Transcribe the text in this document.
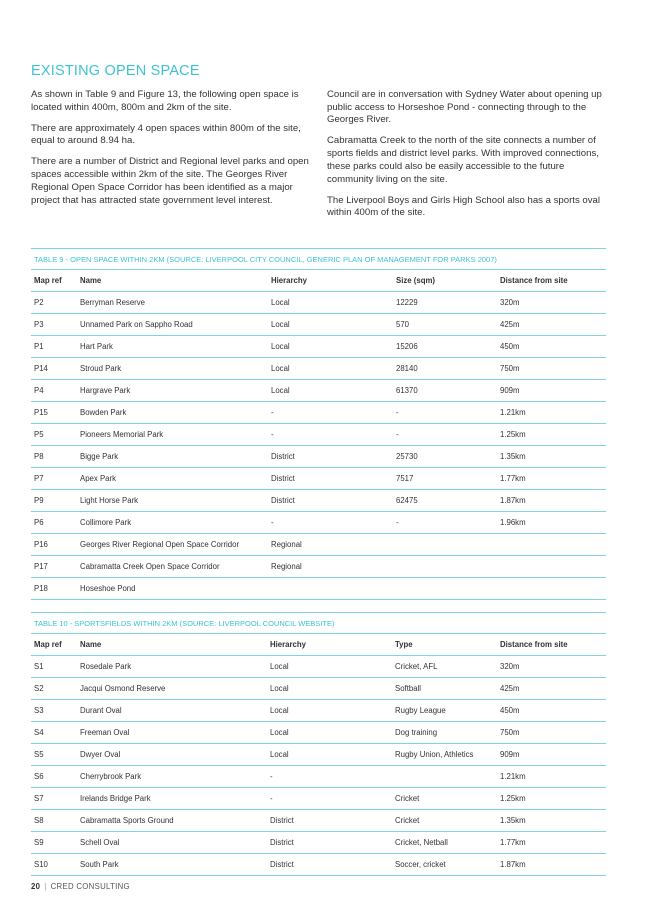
EXISTING OPEN SPACE

As shown in Table 9 and Figure 13, the following open space is located within 400m, 800m and 2km of the site.

There are approximately 4 open spaces within 800m of the site, equal to around 8.94 ha.

There are a number of District and Regional level parks and open spaces accessible within 2km of the site. The Georges River Regional Open Space Corridor has been identified as a major project that has attracted state government level interest.

Council are in conversation with Sydney Water about opening up public access to Horseshoe Pond - connecting through to the Georges River.

Cabramatta Creek to the north of the site connects a number of sports fields and district level parks. With improved connections, these parks could also be easily accessible to the future community living on the site.

The Liverpool Boys and Girls High School also has a sports oval within 400m of the site.

TABLE 9 - OPEN SPACE WITHIN 2KM (SOURCE: LIVERPOOL CITY COUNCIL, GENERIC PLAN OF MANAGEMENT FOR PARKS 2007)				
Map ref	Name	Hierarchy	Size (sqm)	Distance from site
P2	Berryman Reserve	Local	12229	320m
P3	Unnamed Park on Sappho Road	Local	570	425m
P1	Hart Park	Local	15206	450m
P14	Stroud Park	Local	28140	750m
P4	Hargrave Park	Local	61370	909m
P15	Bowden Park	-	-	1.21km
P5	Pioneers Memorial Park	-	-	1.25km
P8	Bigge Park	District	25730	1.35km
P7	Apex Park	District	7517	1.77km
P9	Light Horse Park	District	62475	1.87km
P6	Collimore Park	-	-	1.96km
P16	Georges River Regional Open Space Corridor	Regional		
P17	Cabramatta Creek Open Space Corridor	Regional		
P18	Hoseshoe Pond			
TABLE 10 - SPORTSFIELDS WITHIN 2KM (SOURCE: LIVERPOOL COUNCIL WEBSITE)				
Map ref	Name	Hierarchy	Type	Distance from site
S1	Rosedale Park	Local	Cricket, AFL	320m
S2	Jacqui Osmond Reserve	Local	Softball	425m
S3	Durant Oval	Local	Rugby League	450m
S4	Freeman Oval	Local	Dog training	750m
S5	Dwyer Oval	Local	Rugby Union, Athletics	909m
S6	Cherrybrook Park	-		1.21km
S7	Irelands Bridge Park	-	Cricket	1.25km
S8	Cabramatta Sports Ground	District	Cricket	1.35km
S9	Schell Oval	District	Cricket, Netball	1.77km
S10	South Park	District	Soccer, cricket	1.87km
20 | CRED CONSULTING
